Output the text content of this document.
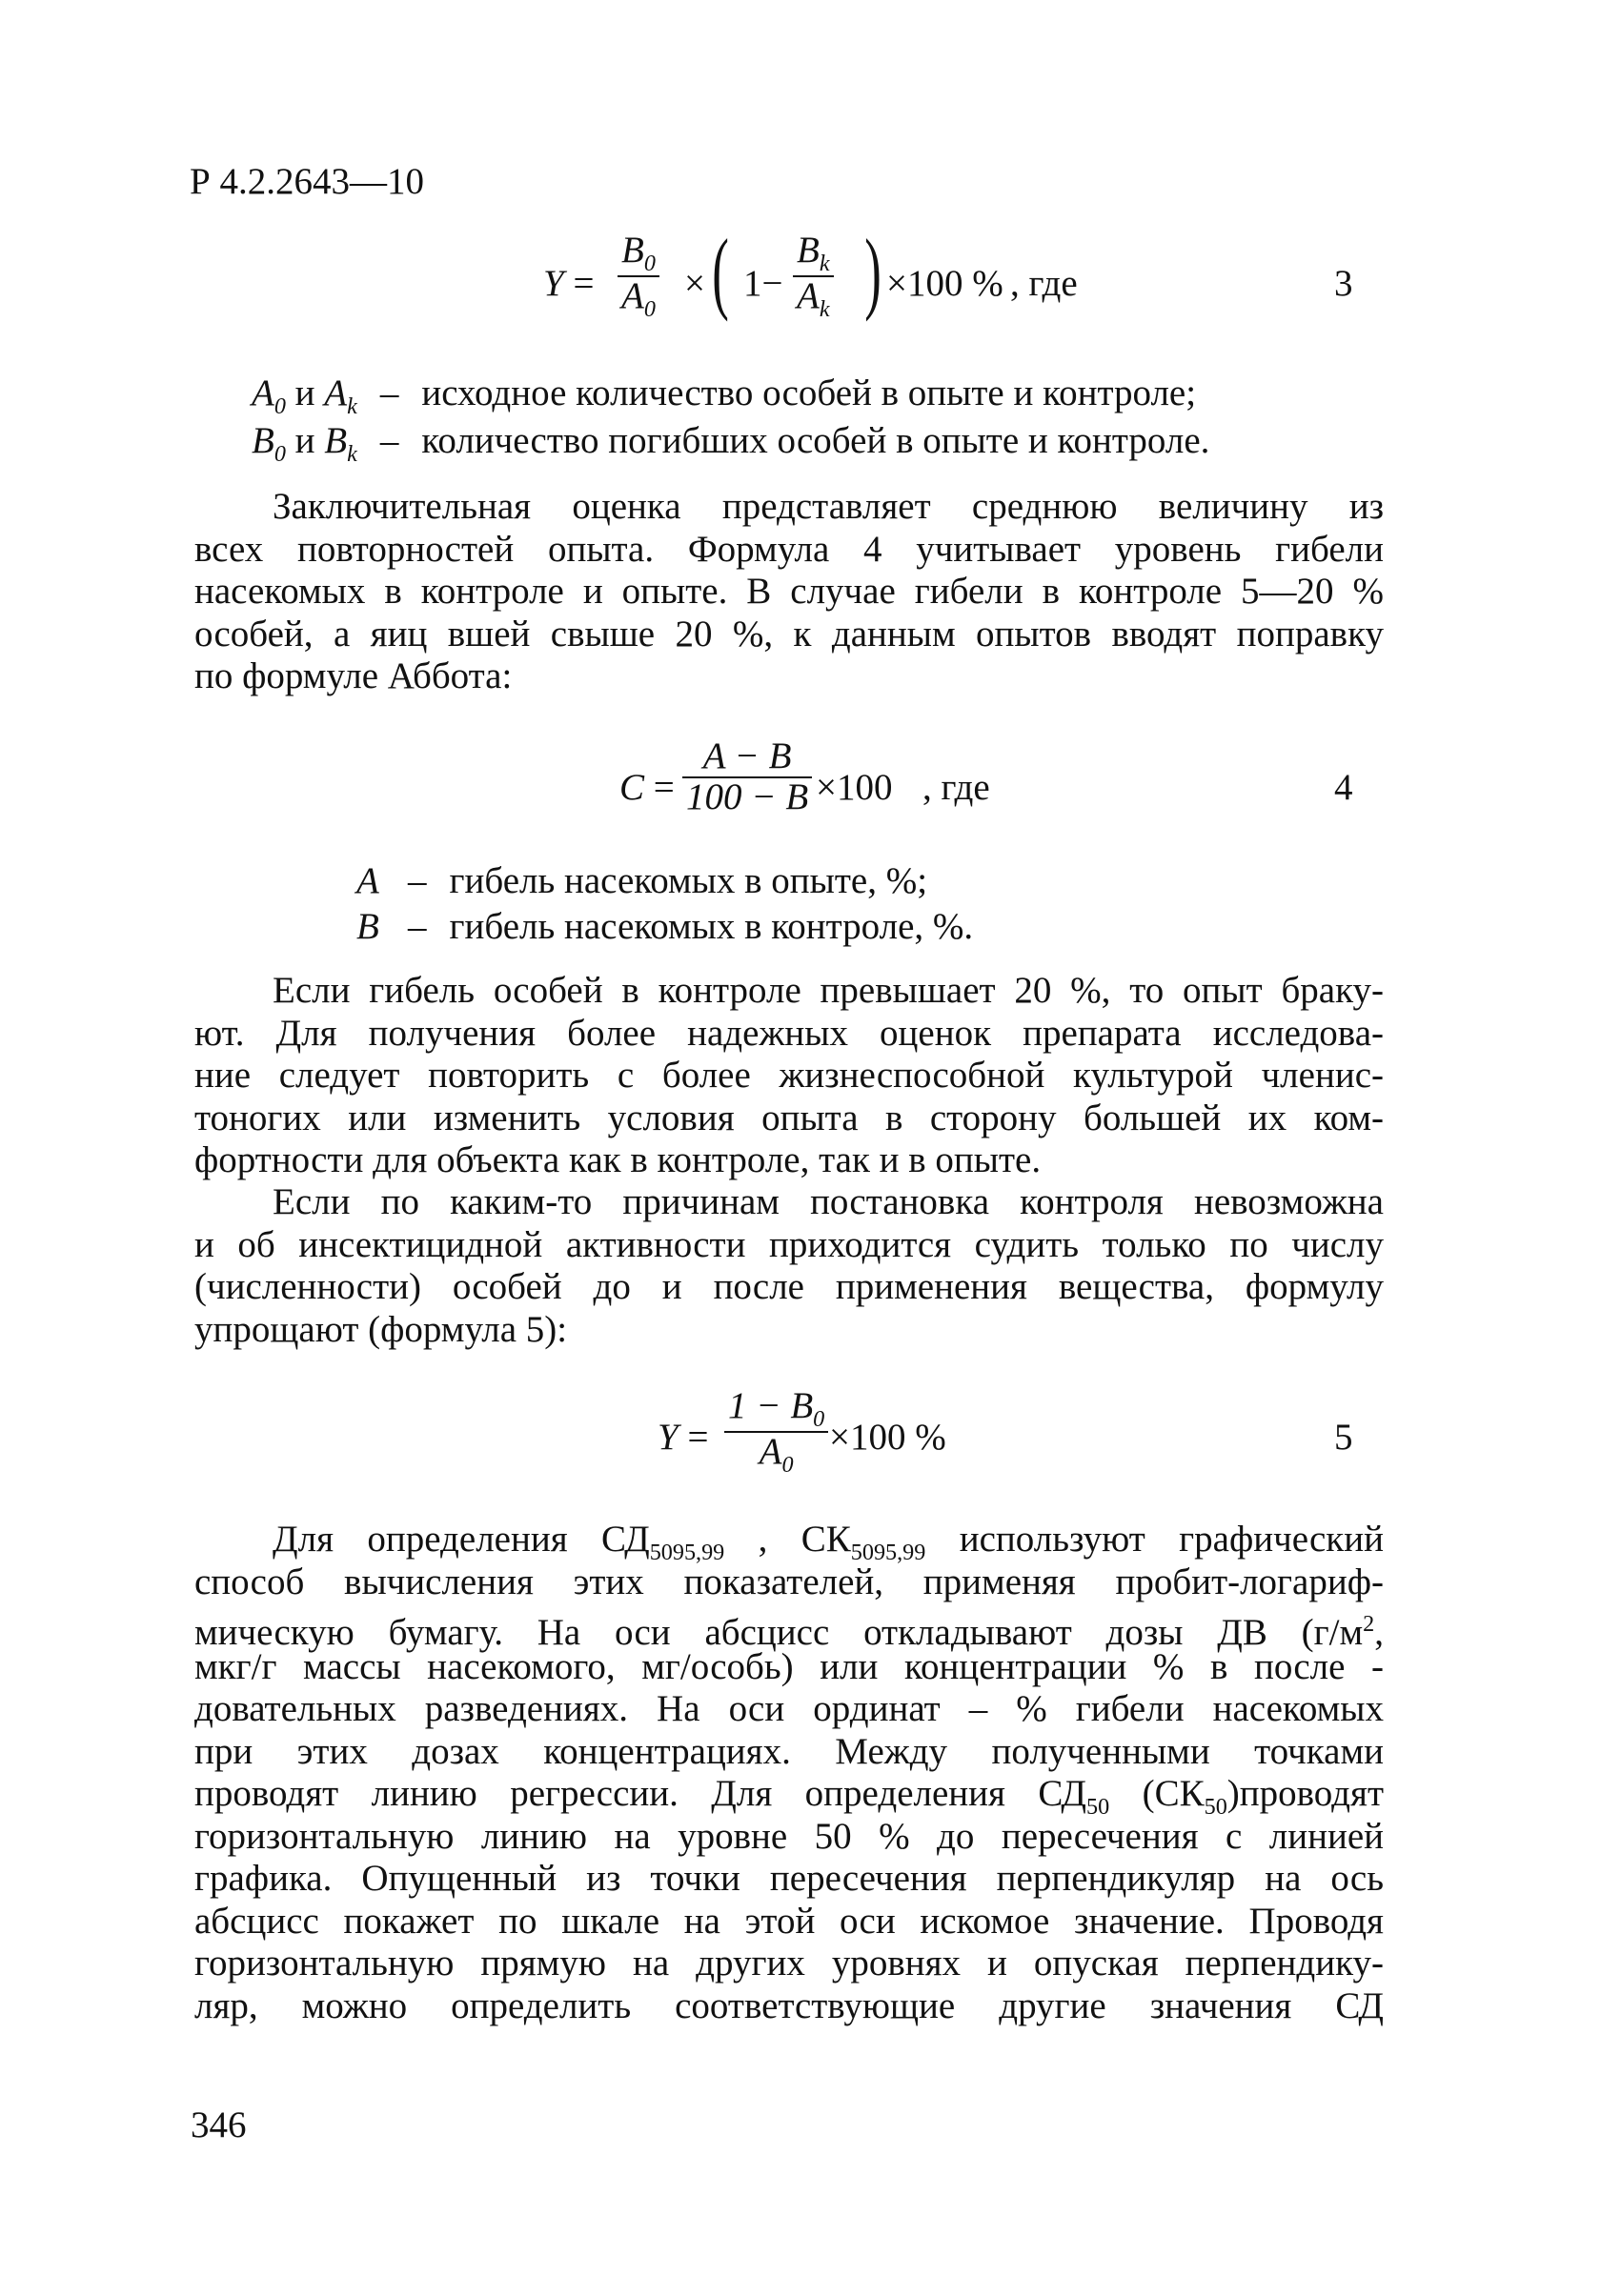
Р 4.2.2643—10
$Y = \frac{B_0}{A_0}$ × ( $1- \frac{B_k}{A_k}$ ) ×100 % , где	3
$A_0$ и $A_k$ – исходное количество особей в опыте и контроле;
$B_0$ и $B_k$ – количество погибших особей в опыте и контроле.
Заключительная оценка представляет среднюю величину из
всех повторностей опыта. Формула 4 учитывает уровень гибели
насекомых в контроле и опыте. В случае гибели в контроле 5—20 %
особей, а яиц вшей свыше 20 %, к данным опытов вводят поправку
по формуле Аббота:
$C = \frac{A - B}{100 - B} \times 100$ , где	4
A – гибель насекомых в опыте, %;
B – гибель насекомых в контроле, %.
Если гибель особей в контроле превышает 20 %, то опыт браку-
ют. Для получения более надежных оценок препарата исследова-
ние следует повторить с более жизнеспособной культурой членис-
тоногих или изменить условия опыта в сторону большей их ком-
фортности для объекта как в контроле, так и в опыте.
Если по каким-то причинам постановка контроля невозможна
и об инсектицидной активности приходится судить только по числу
(численности) особей до и после применения вещества, формулу
упрощают (формула 5):
$Y = \frac{1 - B_0}{A_0} \times 100$ %	5
Для определения $СД_{5095,99}$ , $СК_{5095,99}$ используют графический
способ вычисления этих показателей, применяя пробит-логариф-
мическую бумагу. На оси абсцисс откладывают дозы ДВ ($г/м^2$,
мкг/г массы насекомого, мг/особь) или концентрации % в после -
довательных разведениях. На оси ординат – % гибели насекомых
при этих дозах концентрациях. Между полученными точками
проводят линию регрессии. Для определения $СД_{50}$ $(СК_{50})проводят$
горизонтальную линию на уровне 50 % до пересечения с линией
графика. Опущенный из точки пересечения перпендикуляр на ось
абсцисс покажет по шкале на этой оси искомое значение. Проводя
горизонтальную прямую на других уровнях и опуская перпендику-
ляр, можно определить соответствующие другие значения СД
346
